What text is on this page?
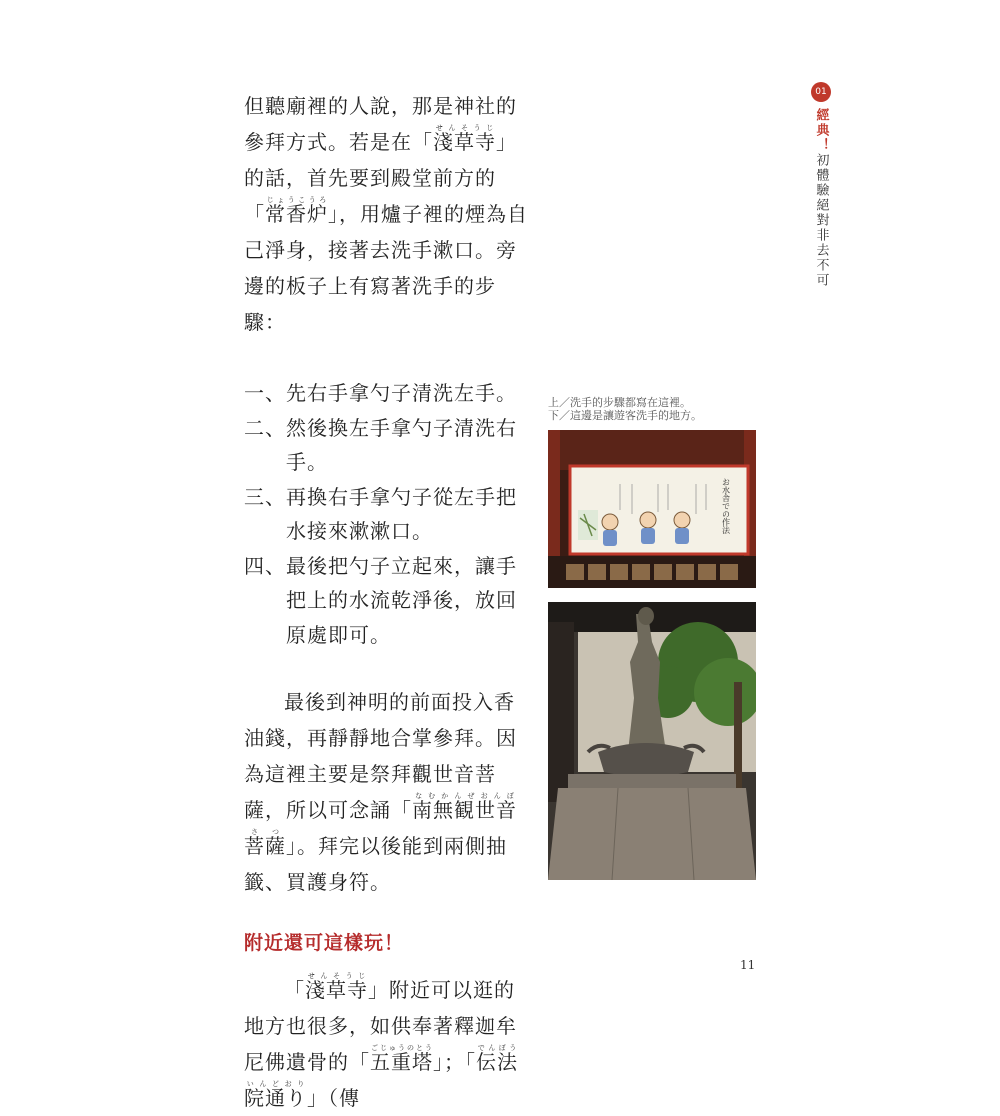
但聽廟裡的人說，那是神社的參拜方式。若是在「淺草寺せんそうじ」的話，首先要到殿堂前方的「常香炉じょうこうろ」，用爐子裡的煙為自己淨身，接著去洗手漱口。旁邊的板子上有寫著洗手的步驟：

一、 先右手拿勺子清洗左手。
二、 然後換左手拿勺子清洗右手。
三、 再換右手拿勺子從左手把水接來漱漱口。
四、 最後把勺子立起來，讓手把上的水流乾淨後，放回原處即可。

最後到神明的前面投入香油錢，再靜靜地合掌參拜。因為這裡主要是祭拜觀世音菩薩，所以可念誦「南無観世音菩薩なむかんぜおんぼさつ」。拜完以後能到兩側抽籤、買護身符。

附近還可這樣玩！

「淺草寺せんそうじ」附近可以逛的地方也很多，如供奉著釋迦牟尼佛遺骨的「五重塔ごじゅうのとう」；「伝法院通りでんぼういんどおり」（傳

上／洗手的步驟都寫在這裡。
下／這邊是讓遊客洗手的地方。
お水舎での作法
01
經典！初體驗絕對非去不可
11
